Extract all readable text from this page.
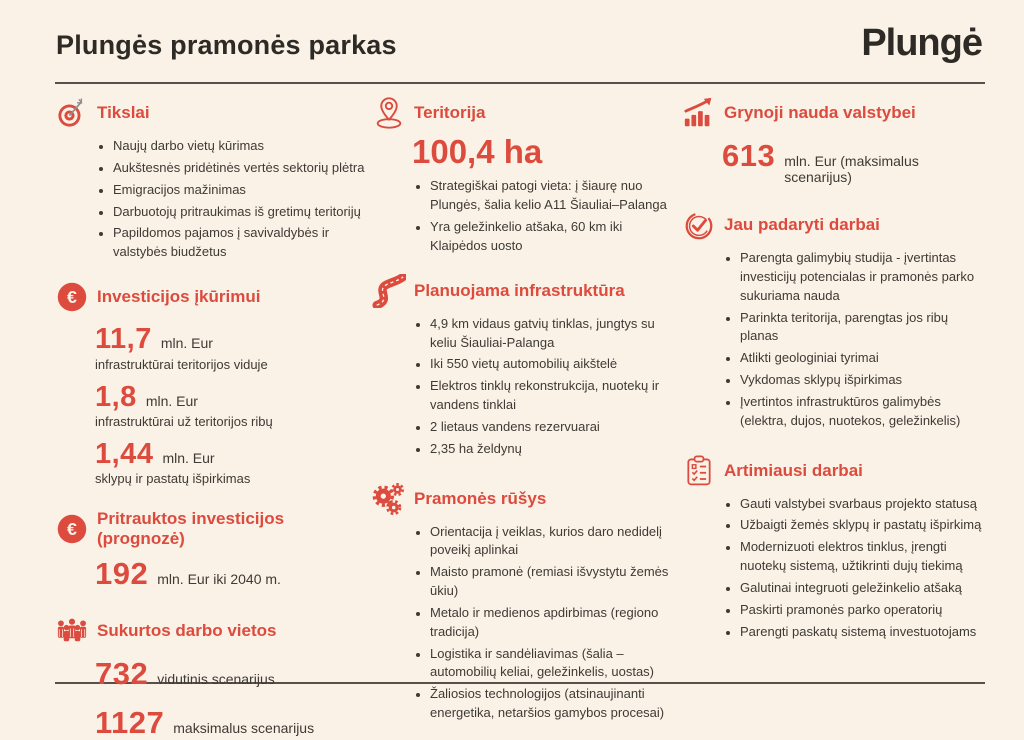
Plungės pramonės parkas	Plungė
Tikslai
• Naujų darbo vietų kūrimas
• Aukštesnės pridėtinės vertės sektorių plėtra
• Emigracijos mažinimas
• Darbuotojų pritraukimas iš gretimų teritorijų
• Papildomos pajamos į savivaldybės ir valstybės biudžetus
€ Investicijos įkūrimui
11,7 mln. Eur
infrastruktūrai teritorijos viduje
1,8 mln. Eur
infrastruktūrai už teritorijos ribų
1,44 mln. Eur
sklypų ir pastatų išpirkimas
€
Pritrauktos investicijos (prognozė)
192 mln. Eur iki 2040 m.
Sukurtos darbo vietos
732 vidutinis scenarijus
1127 maksimalus scenarijus
Teritorija
100,4 ha
• Strategiškai patogi vieta: į šiaurę nuo Plungės, šalia kelio A11 Šiauliai–Palanga
• Yra geležinkelio atšaka, 60 km iki Klaipėdos uosto
Planuojama infrastruktūra
• 4,9 km vidaus gatvių tinklas, jungtys su keliu Šiauliai-Palanga
• Iki 550 vietų automobilių aikštelė
• Elektros tinklų rekonstrukcija, nuotekų ir vandens tinklai
• 2 lietaus vandens rezervuarai
• 2,35 ha želdynų
Pramonės rūšys
• Orientacija į veiklas, kurios daro nedidelį poveikį aplinkai
• Maisto pramonė (remiasi išvystytu žemės ūkiu)
• Metalo ir medienos apdirbimas (regiono tradicija)
• Logistika ir sandėliavimas (šalia – automobilių keliai, geležinkelis, uostas)
• Žaliosios technologijos (atsinaujinanti energetika, netaršios gamybos procesai)
Grynoji nauda valstybei
613 mln. Eur (maksimalus scenarijus)
Jau padaryti darbai
• Parengta galimybių studija - įvertintas investicijų potencialas ir pramonės parko sukuriama nauda
• Parinkta teritorija, parengtas jos ribų planas
• Atlikti geologiniai tyrimai
• Vykdomas sklypų išpirkimas
• Įvertintos infrastruktūros galimybės (elektra, dujos, nuotekos, geležinkelis)
Artimiausi darbai
• Gauti valstybei svarbaus projekto statusą
• Užbaigti žemės sklypų ir pastatų išpirkimą
• Modernizuoti elektros tinklus, įrengti nuotekų sistemą, užtikrinti dujų tiekimą
• Galutinai integruoti geležinkelio atšaką
• Paskirti pramonės parko operatorių
• Parengti paskatų sistemą investuotojams
